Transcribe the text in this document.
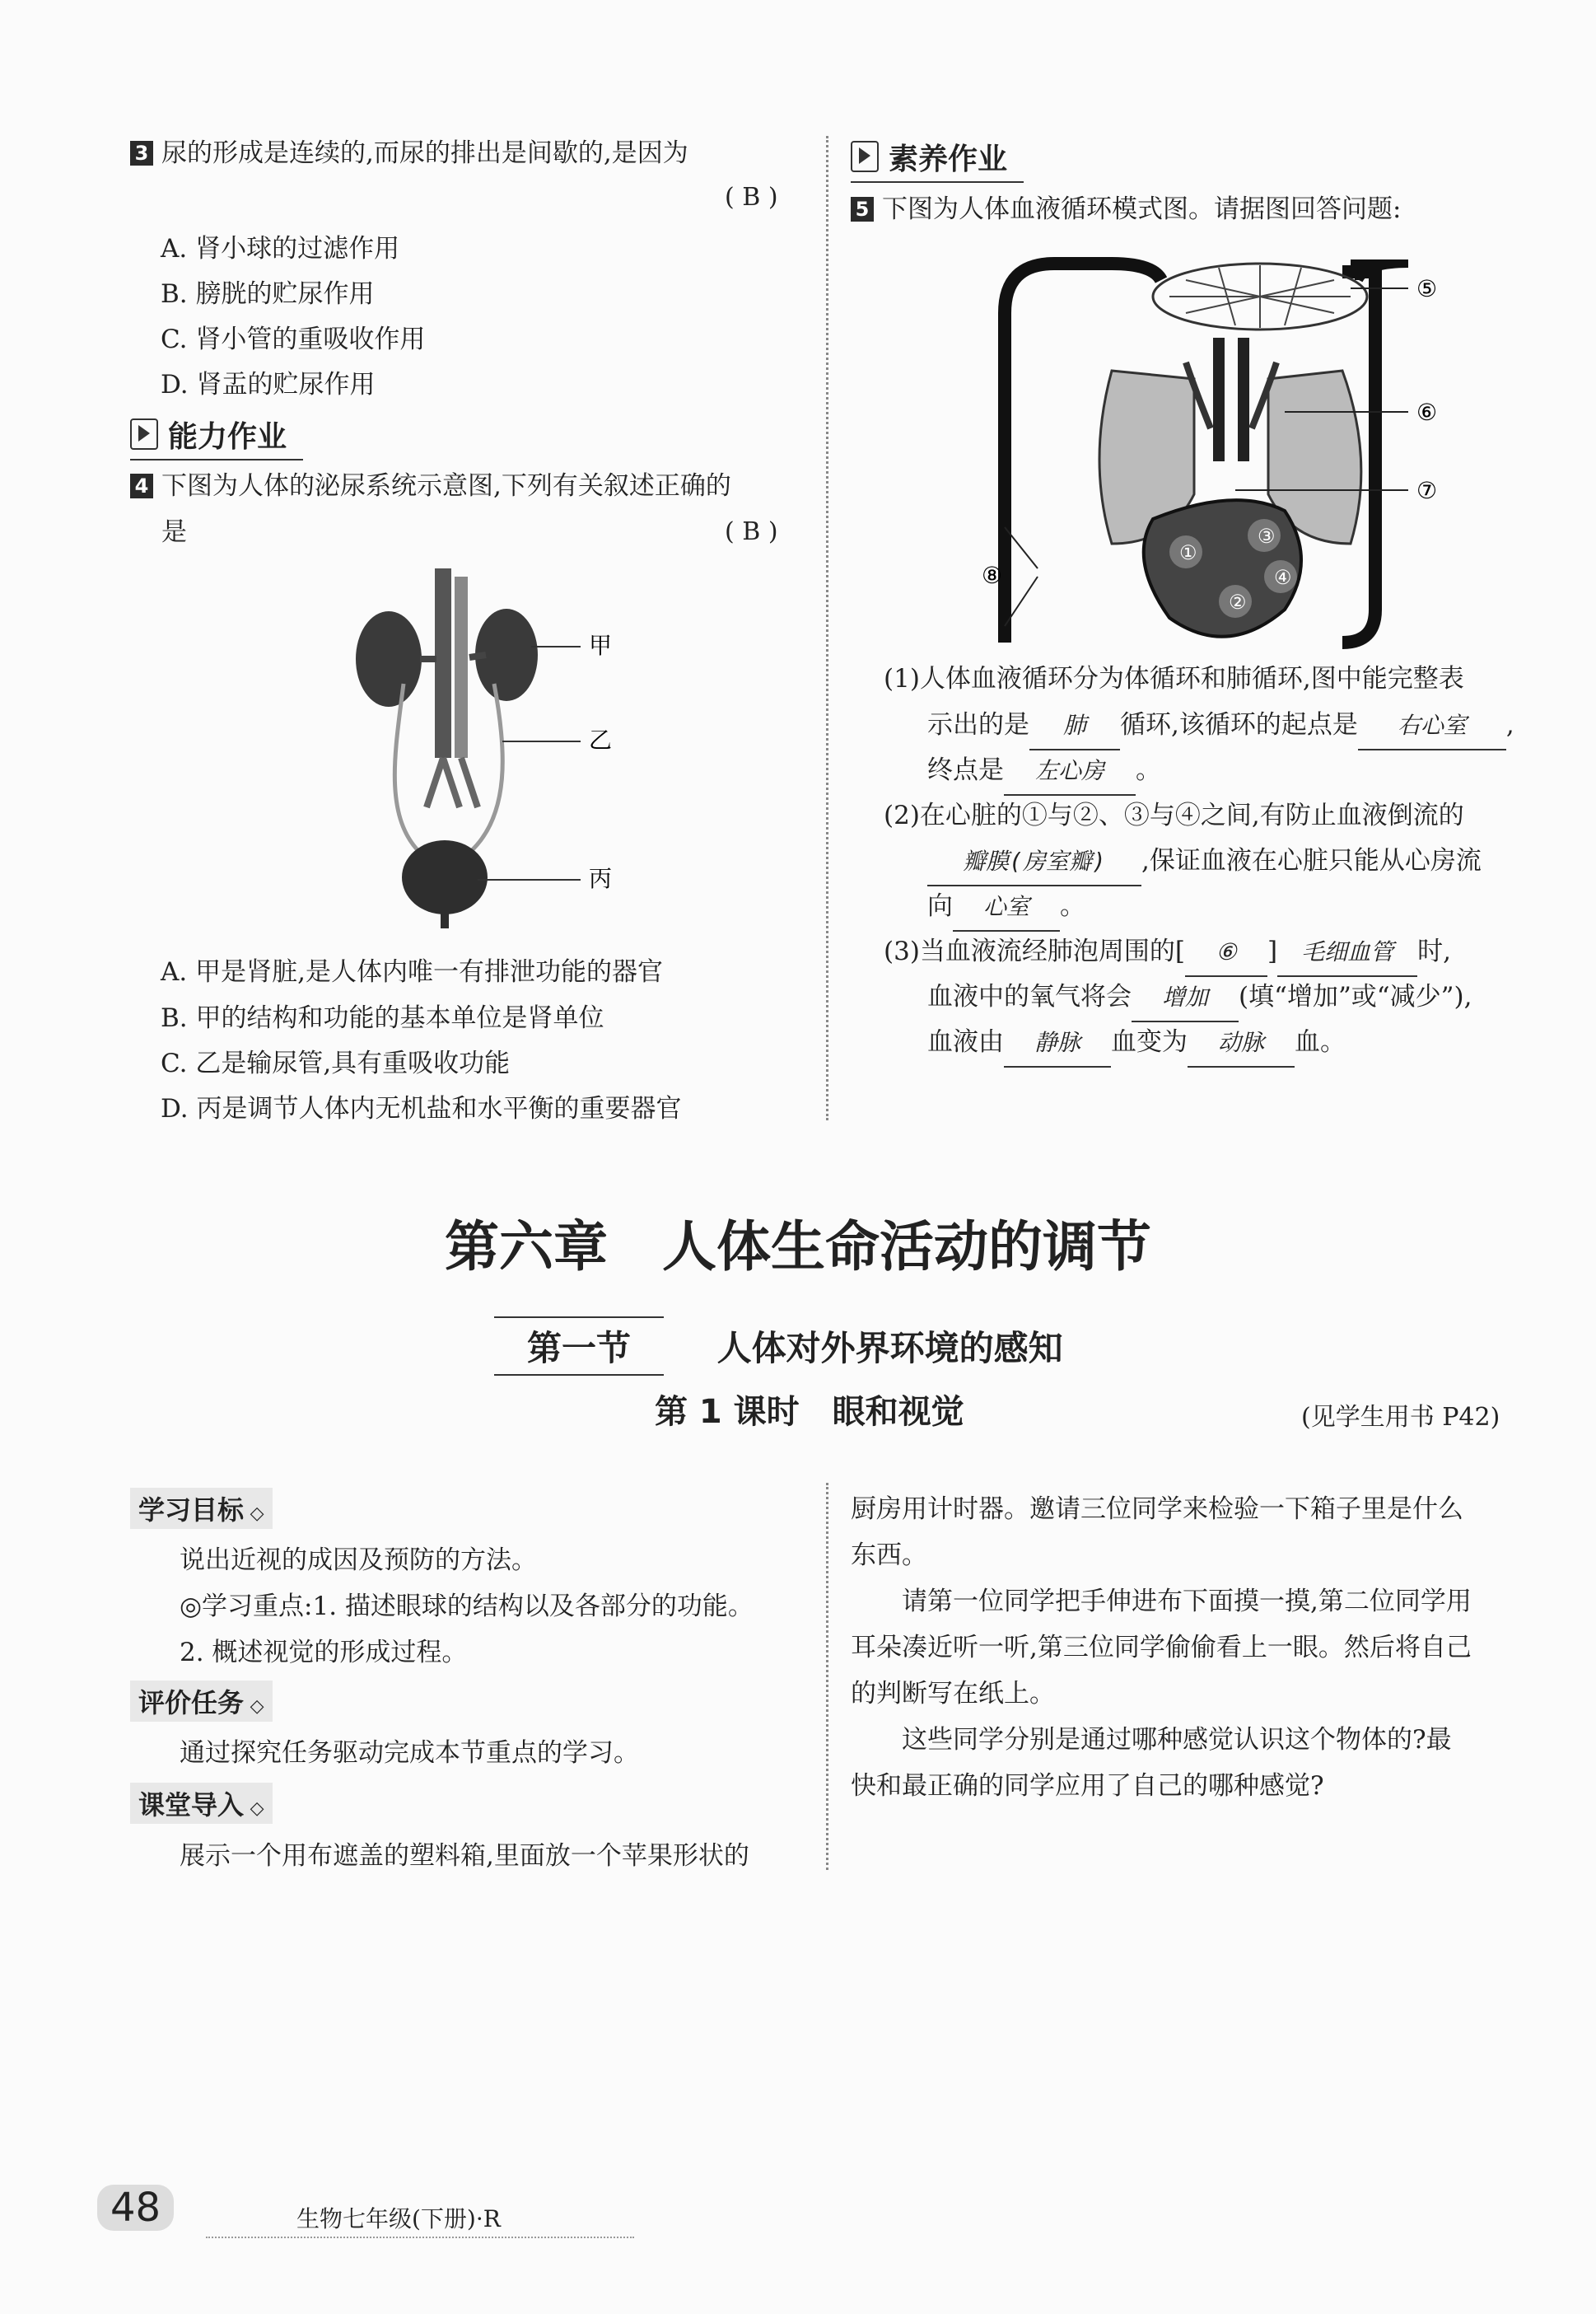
3 尿的形成是连续的,而尿的排出是间歇的,是因为
( B )
A. 肾小球的过滤作用
B. 膀胱的贮尿作用
C. 肾小管的重吸收作用
D. 肾盂的贮尿作用
能力作业
4 下图为人体的泌尿系统示意图,下列有关叙述正确的
是	( B )
甲
乙
丙
A. 甲是肾脏,是人体内唯一有排泄功能的器官
B. 甲的结构和功能的基本单位是肾单位
C. 乙是输尿管,具有重吸收功能
D. 丙是调节人体内无机盐和水平衡的重要器官
素养作业
5 下图为人体血液循环模式图。请据图回答问题:
①
②
③
④
⑤
⑥
⑦
⑧
(1)人体血液循环分为体循环和肺循环,图中能完整表
示出的是 肺 循环,该循环的起点是 右心室 ,
终点是 左心房 。
(2)在心脏的①与②、③与④之间,有防止血液倒流的
瓣膜(房室瓣) ,保证血液在心脏只能从心房流
向 心室 。
(3)当血液流经肺泡周围的[ ⑥ ] 毛细血管 时,
血液中的氧气将会 增加 (填“增加”或“减少”),
血液由 静脉 血变为 动脉 血。
第六章　人体生命活动的调节
第一节 人体对外界环境的感知
第 1 课时　眼和视觉	(见学生用书 P42)
学习目标 ◇
说出近视的成因及预防的方法。
◎学习重点:1. 描述眼球的结构以及各部分的功能。
2. 概述视觉的形成过程。
评价任务 ◇
通过探究任务驱动完成本节重点的学习。
课堂导入 ◇
展示一个用布遮盖的塑料箱,里面放一个苹果形状的
厨房用计时器。邀请三位同学来检验一下箱子里是什么
东西。
　　请第一位同学把手伸进布下面摸一摸,第二位同学用
耳朵凑近听一听,第三位同学偷偷看上一眼。然后将自己
的判断写在纸上。
　　这些同学分别是通过哪种感觉认识这个物体的?最
快和最正确的同学应用了自己的哪种感觉?
48	生物七年级(下册)·R
